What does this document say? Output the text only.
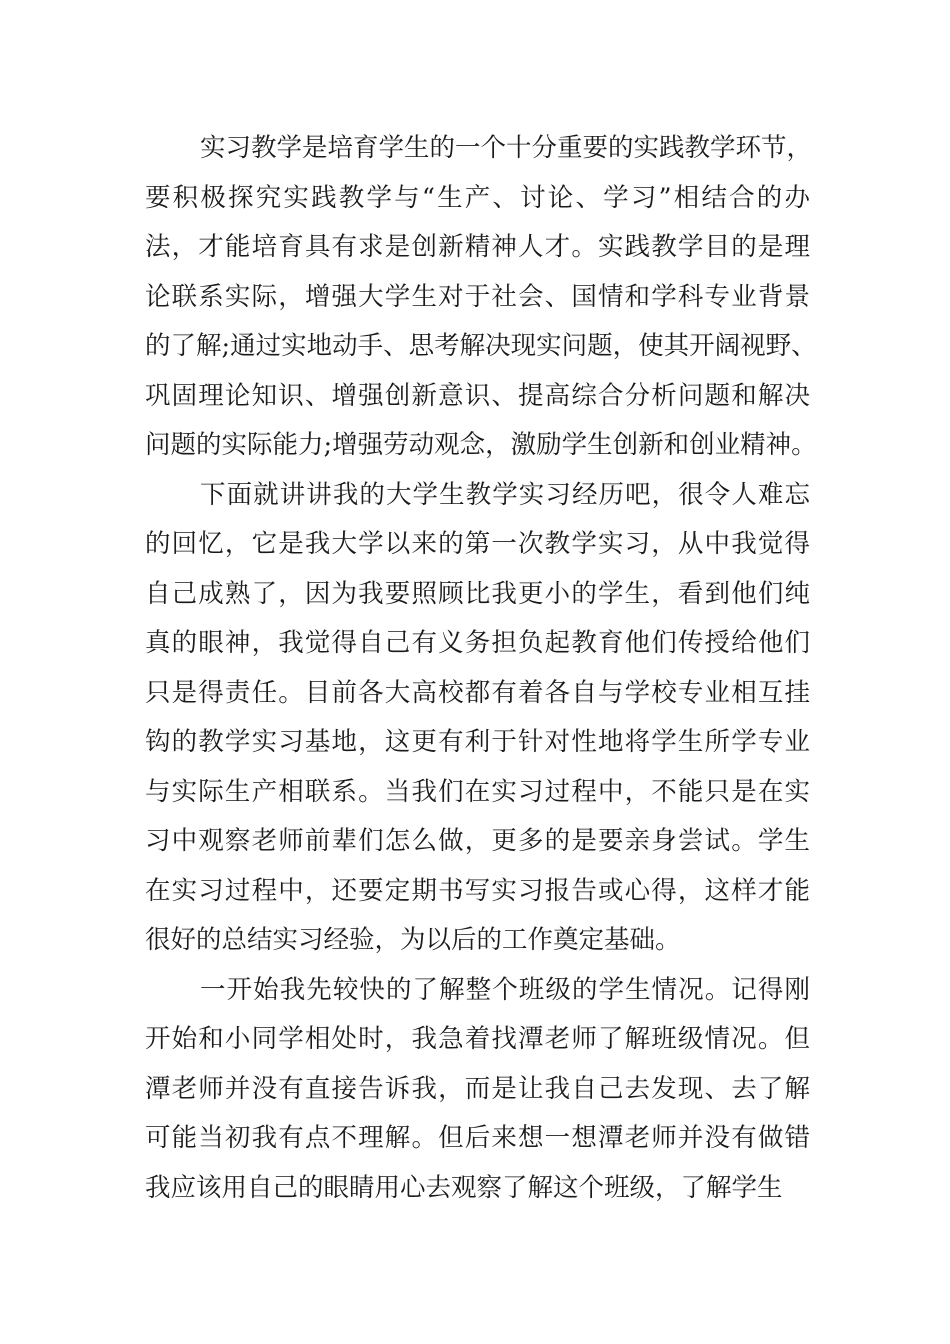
实习教学是培育学生的一个十分重要的实践教学环节，
要积极探究实践教学与“生产、讨论、学习”相结合的办
法，才能培育具有求是创新精神人才。实践教学目的是理
论联系实际，增强大学生对于社会、国情和学科专业背景
的了解;通过实地动手、思考解决现实问题，使其开阔视野、
巩固理论知识、增强创新意识、提高综合分析问题和解决
问题的实际能力;增强劳动观念，激励学生创新和创业精神。
下面就讲讲我的大学生教学实习经历吧，很令人难忘
的回忆，它是我大学以来的第一次教学实习，从中我觉得
自己成熟了，因为我要照顾比我更小的学生，看到他们纯
真的眼神，我觉得自己有义务担负起教育他们传授给他们
只是得责任。目前各大高校都有着各自与学校专业相互挂
钩的教学实习基地，这更有利于针对性地将学生所学专业
与实际生产相联系。当我们在实习过程中，不能只是在实
习中观察老师前辈们怎么做，更多的是要亲身尝试。学生
在实习过程中，还要定期书写实习报告或心得，这样才能
很好的总结实习经验，为以后的工作奠定基础。
一开始我先较快的了解整个班级的学生情况。记得刚
开始和小同学相处时，我急着找潭老师了解班级情况。但
潭老师并没有直接告诉我，而是让我自己去发现、去了解
可能当初我有点不理解。但后来想一想潭老师并没有做错
我应该用自己的眼睛用心去观察了解这个班级，了解学生
